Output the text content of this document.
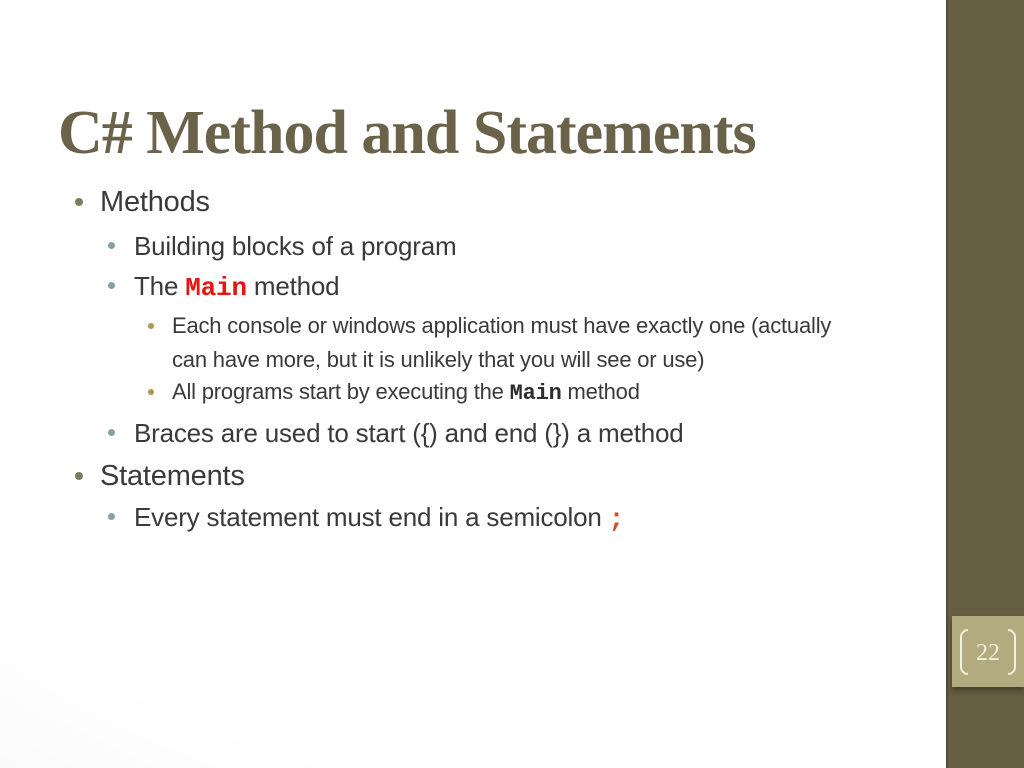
C# Method and Statements
Methods
Building blocks of a program
The Main method
Each console or windows application must have exactly one (actually
can have more, but it is unlikely that you will see or use)
All programs start by executing the Main method
Braces are used to start ({) and end (}) a method
Statements
Every statement must end in a semicolon ;
22
